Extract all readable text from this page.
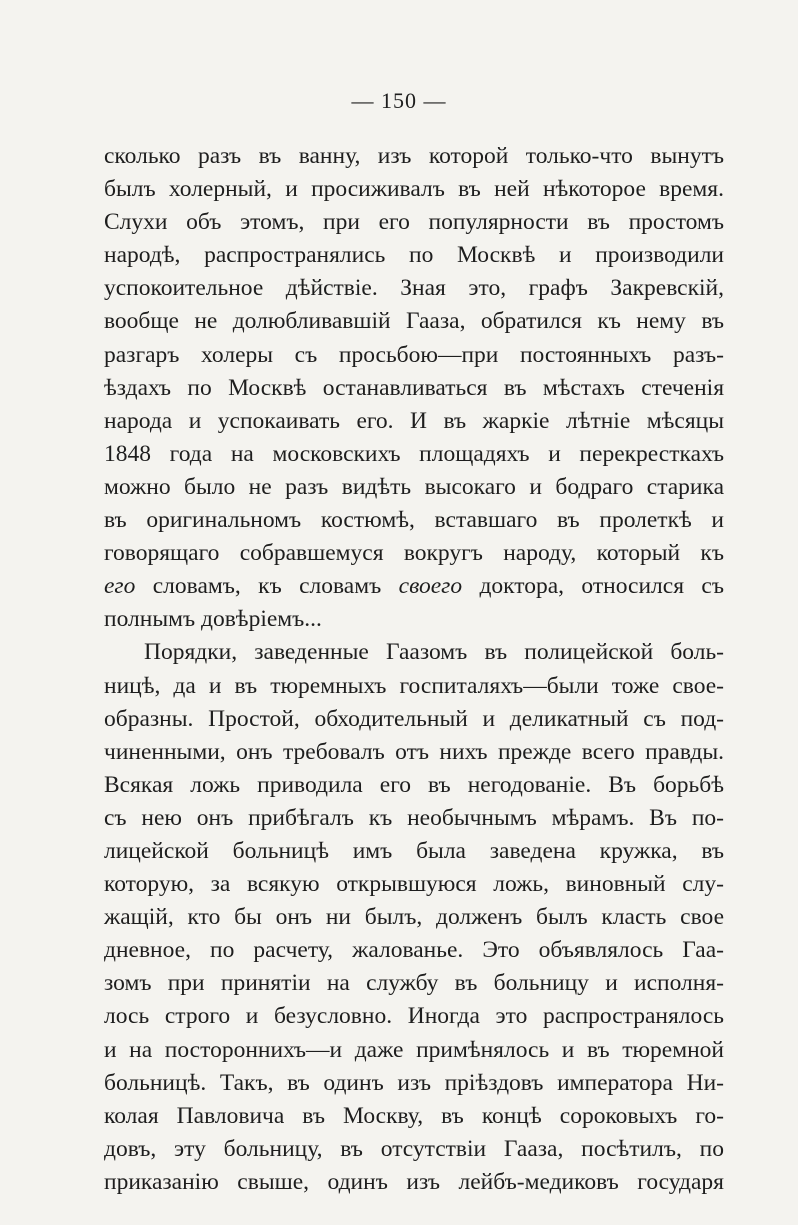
— 150 —
сколько разъ въ ванну, изъ которой только-что вынутъ
былъ холерный, и просиживалъ въ ней нѣкоторое время.
Слухи объ этомъ, при его популярности въ простомъ
народѣ, распространялись по Москвѣ и производили
успокоительное дѣйствіе. Зная это, графъ Закревскій,
вообще не долюбливавшій Гааза, обратился къ нему въ
разгаръ холеры съ просьбою—при постоянныхъ разъ-
ѣздахъ по Москвѣ останавливаться въ мѣстахъ стеченія
народа и успокаивать его. И въ жаркіе лѣтніе мѣсяцы
1848 года на московскихъ площадяхъ и перекресткахъ
можно было не разъ видѣть высокаго и бодраго старика
въ оригинальномъ костюмѣ, вставшаго въ пролеткѣ и
говорящаго собравшемуся вокругъ народу, который къ
его словамъ, къ словамъ своего доктора, относился съ
полнымъ довѣріемъ...
Порядки, заведенные Гаазомъ въ полицейской боль-
ницѣ, да и въ тюремныхъ госпиталяхъ—были тоже свое-
образны. Простой, обходительный и деликатный съ под-
чиненными, онъ требовалъ отъ нихъ прежде всего правды.
Всякая ложь приводила его въ негодованіе. Въ борьбѣ
съ нею онъ прибѣгалъ къ необычнымъ мѣрамъ. Въ по-
лицейской больницѣ имъ была заведена кружка, въ
которую, за всякую открывшуюся ложь, виновный слу-
жащій, кто бы онъ ни былъ, долженъ былъ класть свое
дневное, по расчету, жалованье. Это объявлялось Гаа-
зомъ при принятіи на службу въ больницу и исполня-
лось строго и безусловно. Иногда это распространялось
и на постороннихъ—и даже примѣнялось и въ тюремной
больницѣ. Такъ, въ одинъ изъ пріѣздовъ императора Ни-
колая Павловича въ Москву, въ концѣ сороковыхъ го-
довъ, эту больницу, въ отсутствіи Гааза, посѣтилъ, по
приказанію свыше, одинъ изъ лейбъ-медиковъ государя
